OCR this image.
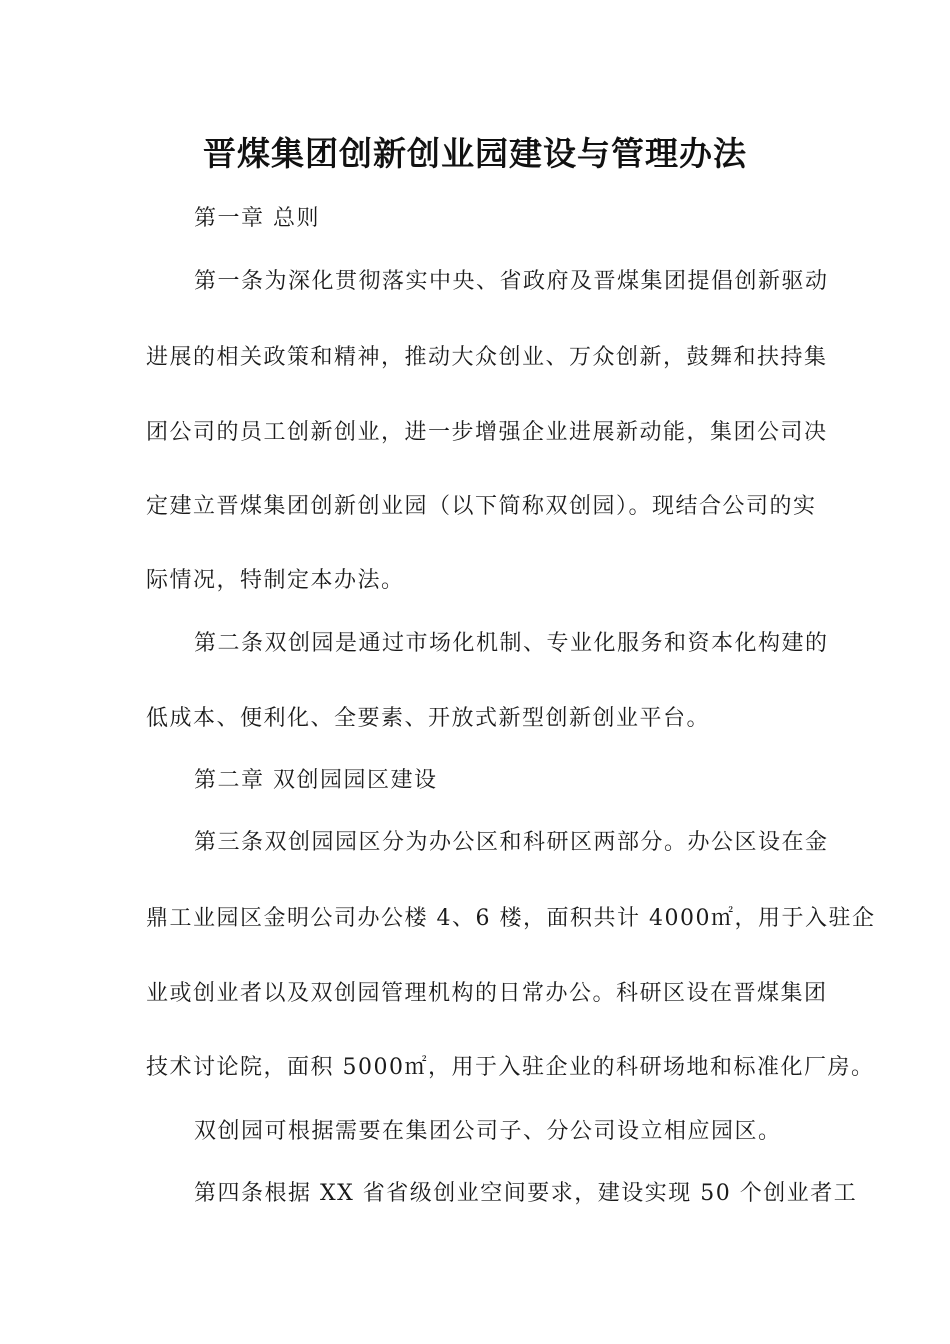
晋煤集团创新创业园建设与管理办法

第一章 总则

第一条为深化贯彻落实中央、省政府及晋煤集团提倡创新驱动

进展的相关政策和精神，推动大众创业、万众创新，鼓舞和扶持集

团公司的员工创新创业，进一步增强企业进展新动能，集团公司决

定建立晋煤集团创新创业园（以下简称双创园）。现结合公司的实

际情况，特制定本办法。

第二条双创园是通过市场化机制、专业化服务和资本化构建的

低成本、便利化、全要素、开放式新型创新创业平台。

第二章 双创园园区建设

第三条双创园园区分为办公区和科研区两部分。办公区设在金

鼎工业园区金明公司办公楼 4、6 楼，面积共计 4000㎡，用于入驻企

业或创业者以及双创园管理机构的日常办公。科研区设在晋煤集团

技术讨论院，面积 5000㎡，用于入驻企业的科研场地和标准化厂房。

双创园可根据需要在集团公司子、分公司设立相应园区。

第四条根据 XX 省省级创业空间要求，建设实现 50 个创业者工
